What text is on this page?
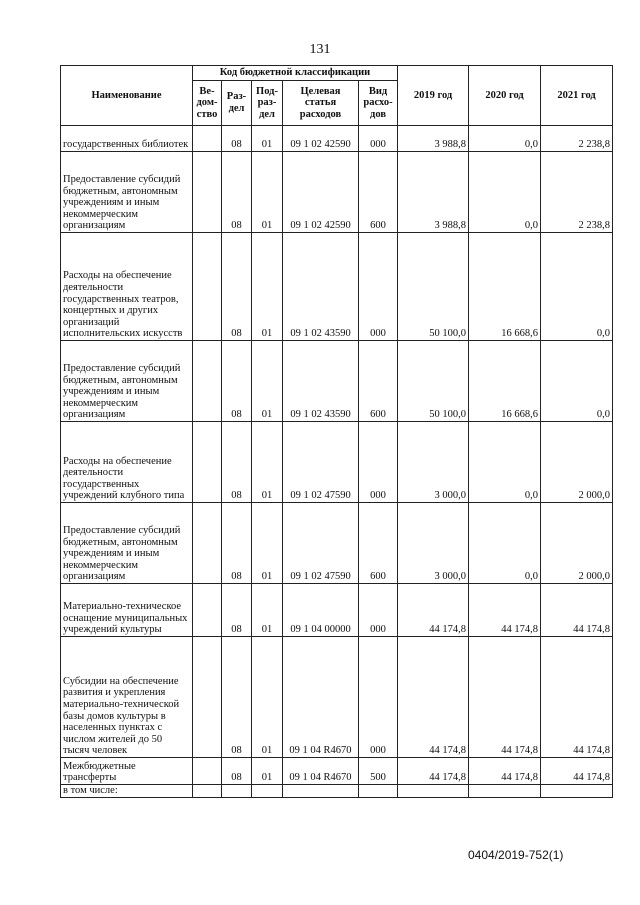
131
Наименование	Код бюджетной классификации					2019 год	2020 год	2021 год
	Ве- дом- ство	Раз- дел	Под- раз- дел	Целевая статья расходов	Вид расхо- дов			
государственных библиотек		08	01	09 1 02 42590	000	3 988,8	0,0	2 238,8
Предоставление субсидий бюджетным, автономным учреждениям и иным некоммерческим организациям		08	01	09 1 02 42590	600	3 988,8	0,0	2 238,8
Расходы на обеспечение деятельности государственных театров, концертных и других организаций исполнительских искусств		08	01	09 1 02 43590	000	50 100,0	16 668,6	0,0
Предоставление субсидий бюджетным, автономным учреждениям и иным некоммерческим организациям		08	01	09 1 02 43590	600	50 100,0	16 668,6	0,0
Расходы на обеспечение деятельности государственных учреждений клубного типа		08	01	09 1 02 47590	000	3 000,0	0,0	2 000,0
Предоставление субсидий бюджетным, автономным учреждениям и иным некоммерческим организациям		08	01	09 1 02 47590	600	3 000,0	0,0	2 000,0
Материально-техническое оснащение муниципальных учреждений культуры		08	01	09 1 04 00000	000	44 174,8	44 174,8	44 174,8
Субсидии на обеспечение развития и укрепления материально-технической базы домов культуры в населенных пунктах с числом жителей до 50 тысяч человек		08	01	09 1 04 R4670	000	44 174,8	44 174,8	44 174,8
Межбюджетные трансферты		08	01	09 1 04 R4670	500	44 174,8	44 174,8	44 174,8
в том числе:								
0404/2019-752(1)
